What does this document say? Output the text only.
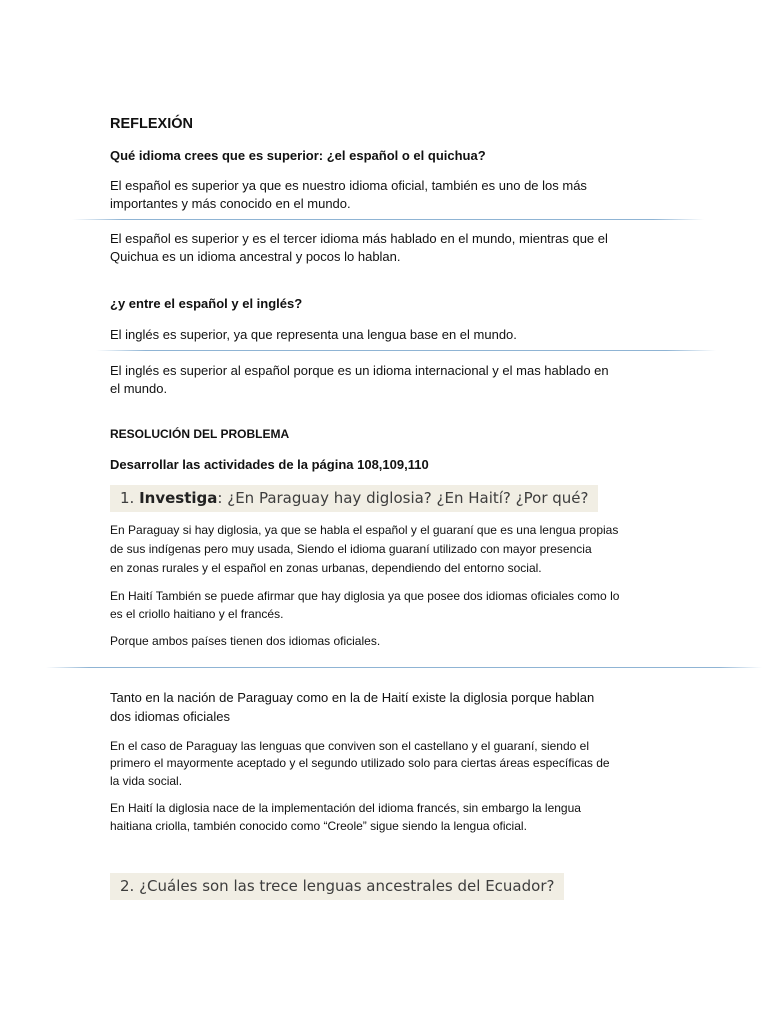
REFLEXIÓN

Qué idioma crees que es superior: ¿el español o el quichua?

El español es superior ya que es nuestro idioma oficial, también es uno de los más

importantes y más conocido en el mundo.

El español es superior y es el tercer idioma más hablado en el mundo, mientras que el

Quichua es un idioma ancestral y pocos lo hablan.

¿y entre el español y el inglés?

El inglés es superior, ya que representa una lengua base en el mundo.

El inglés es superior al español porque es un idioma internacional y el mas hablado en

el mundo.

RESOLUCIÓN DEL PROBLEMA

Desarrollar las actividades de la página 108,109,110

1. Investiga: ¿En Paraguay hay diglosia? ¿En Haití? ¿Por qué?

En Paraguay si hay diglosia, ya que se habla el español y el guaraní que es una lengua propias

de sus indígenas pero muy usada, Siendo el idioma guaraní utilizado con mayor presencia

en zonas rurales y el español en zonas urbanas, dependiendo del entorno social.

En Haití También se puede afirmar que hay diglosia ya que posee dos idiomas oficiales como lo

es el criollo haitiano y el francés.

Porque ambos países tienen dos idiomas oficiales.

Tanto en la nación de Paraguay como en la de Haití existe la diglosia porque hablan

dos idiomas oficiales

En el caso de Paraguay las lenguas que conviven son el castellano y el guaraní, siendo el

primero el mayormente aceptado y el segundo utilizado solo para ciertas áreas específicas de

la vida social.

En Haití la diglosia nace de la implementación del idioma francés, sin embargo la lengua

haitiana criolla, también conocido como “Creole” sigue siendo la lengua oficial.

2. ¿Cuáles son las trece lenguas ancestrales del Ecuador?
